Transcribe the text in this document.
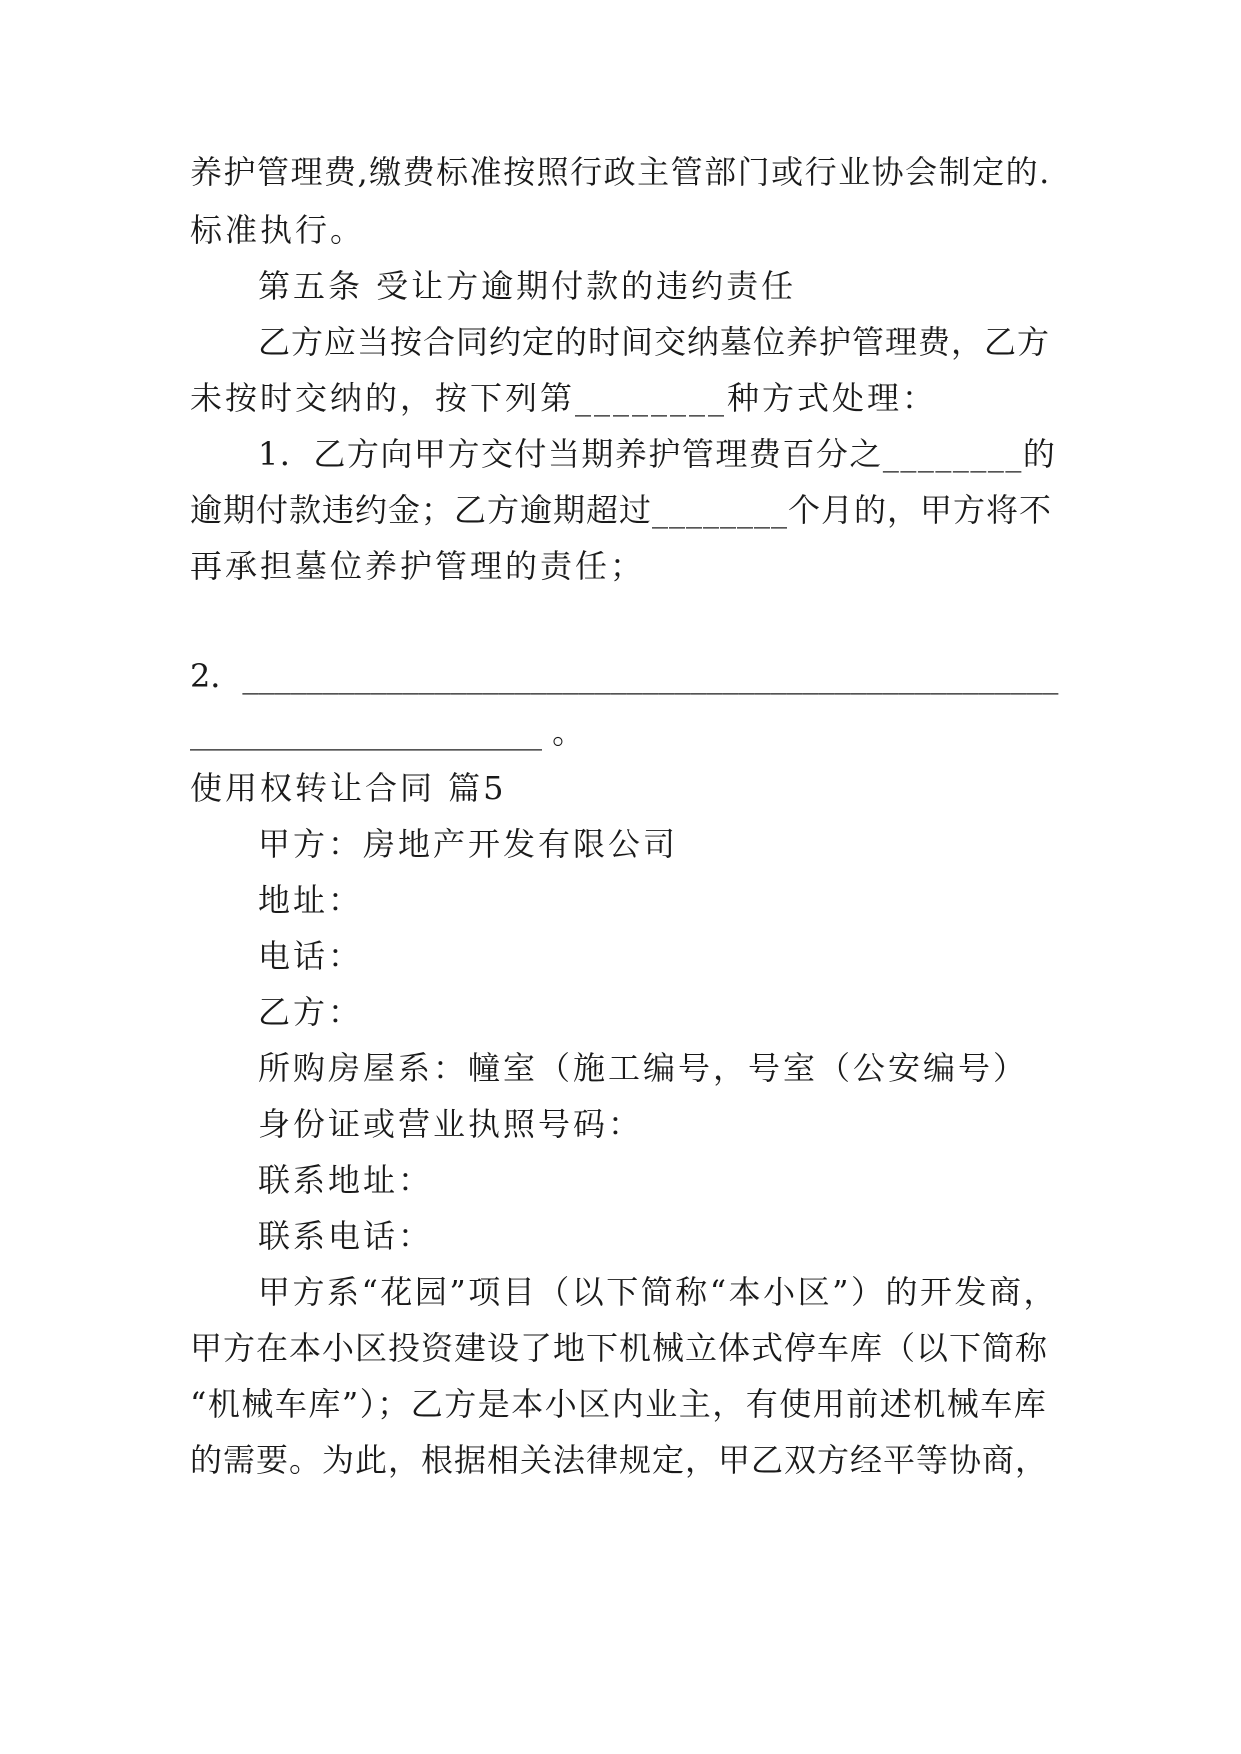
养护管理费,缴费标准按照行政主管部门或行业协会制定的.
标准执行。
第五条 受让方逾期付款的违约责任
乙方应当按合同约定的时间交纳墓位养护管理费，乙方
未按时交纳的，按下列第________种方式处理：
1．乙方向甲方交付当期养护管理费百分之________的
逾期付款违约金；乙方逾期超过________个月的，甲方将不
再承担墓位养护管理的责任；
2．___________________________________________________
______________________ 。
使用权转让合同 篇5
甲方：房地产开发有限公司
地址：
电话：
乙方：
所购房屋系：幢室（施工编号，号室（公安编号）
身份证或营业执照号码：
联系地址：
联系电话：
甲方系“花园”项目（以下简称“本小区”）的开发商，
甲方在本小区投资建设了地下机械立体式停车库（以下简称
“机械车库”）；乙方是本小区内业主，有使用前述机械车库
的需要。为此，根据相关法律规定，甲乙双方经平等协商，
